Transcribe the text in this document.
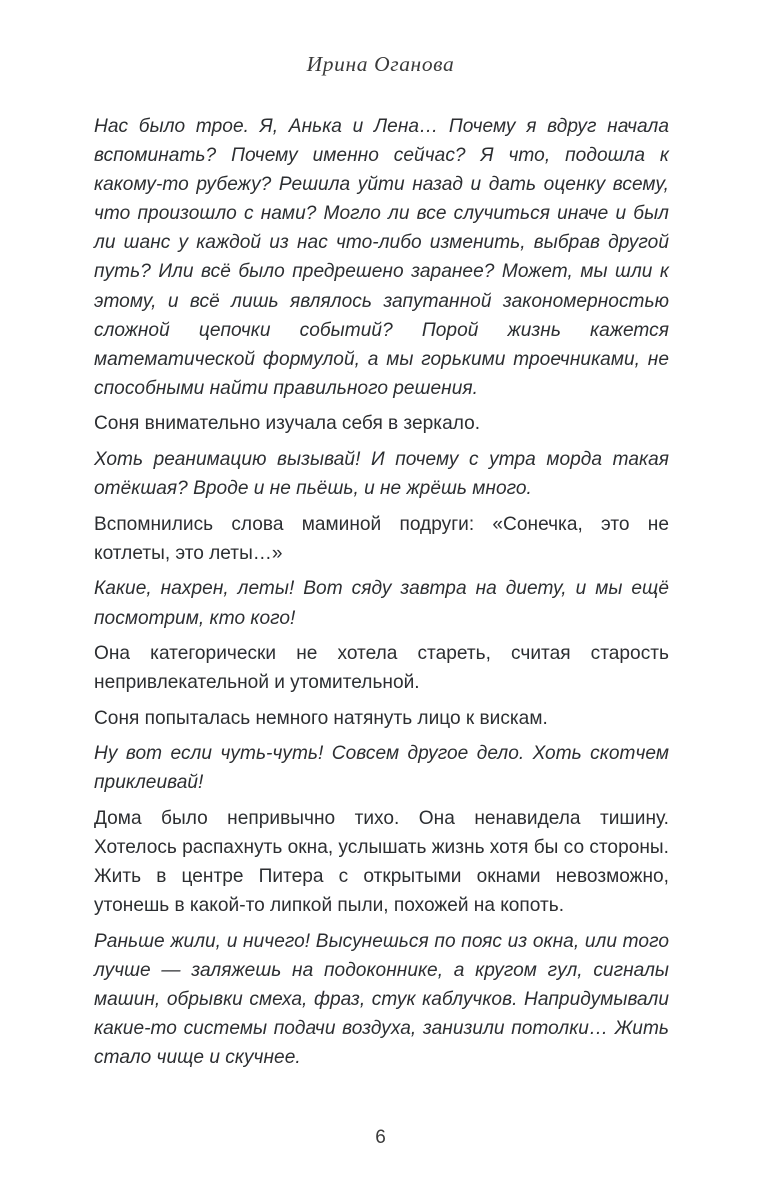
Ирина Оганова

Нас было трое. Я, Анька и Лена… Почему я вдруг начала вспоминать? Почему именно сейчас? Я что, подошла к какому-то рубежу? Решила уйти назад и дать оценку всему, что произошло с нами? Могло ли все случиться иначе и был ли шанс у каждой из нас что-либо изменить, выбрав другой путь? Или всё было предрешено заранее? Может, мы шли к этому, и всё лишь являлось запутанной закономерностью сложной цепочки событий? Порой жизнь кажется математической формулой, а мы горькими троечниками, не способными найти правильного решения.

Соня внимательно изучала себя в зеркало.

Хоть реанимацию вызывай! И почему с утра морда такая отёкшая? Вроде и не пьёшь, и не жрёшь много.

Вспомнились слова маминой подруги: «Сонечка, это не котлеты, это леты…»

Какие, нахрен, леты! Вот сяду завтра на диету, и мы ещё посмотрим, кто кого!

Она категорически не хотела стареть, считая старость непривлекательной и утомительной.

Соня попыталась немного натянуть лицо к вискам.

Ну вот если чуть-чуть! Совсем другое дело. Хоть скотчем приклеивай!

Дома было непривычно тихо. Она ненавидела тишину. Хотелось распахнуть окна, услышать жизнь хотя бы со стороны. Жить в центре Питера с открытыми окнами невозможно, утонешь в какой-то липкой пыли, похожей на копоть.

Раньше жили, и ничего! Высунешься по пояс из окна, или того лучше — заляжешь на подоконнике, а кругом гул, сигналы машин, обрывки смеха, фраз, стук каблучков. Напридумывали какие-то системы подачи воздуха, занизили потолки… Жить стало чище и скучнее.

6
